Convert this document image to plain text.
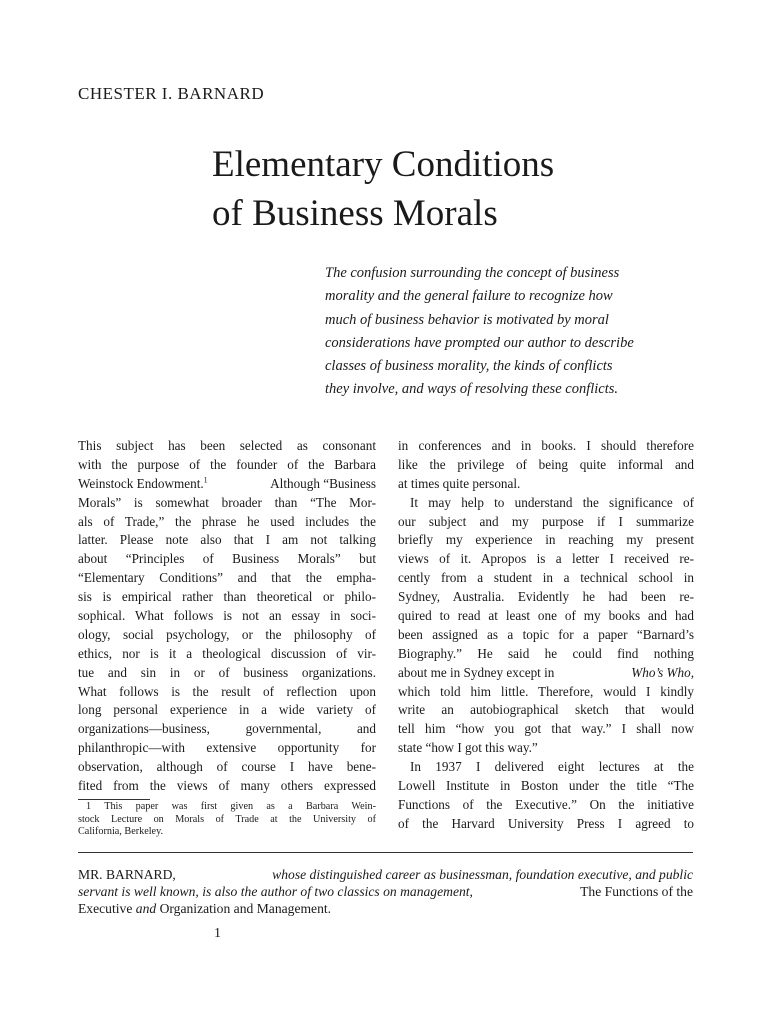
CHESTER I. BARNARD
Elementary Conditions
of Business Morals
The confusion surrounding the concept of business
morality and the general failure to recognize how
much of business behavior is motivated by moral
considerations have prompted our author to describe
classes of business morality, the kinds of conflicts
they involve, and ways of resolving these conflicts.
This subject has been selected as consonant
with the purpose of the founder of the Barbara
Weinstock Endowment.$^1$	Although “Business
Morals” is somewhat broader than “The Mor-
als of Trade,” the phrase he used includes the
latter. Please note also that I am not talking
about “Principles of Business Morals” but
“Elementary Conditions” and that the empha-
sis is empirical rather than theoretical or philo-
sophical. What follows is not an essay in soci-
ology, social psychology, or the philosophy of
ethics, nor is it a theological discussion of vir-
tue and sin in or of business organizations.
What follows is the result of reflection upon
long personal experience in a wide variety of
organizations—business, governmental, and
philanthropic—with extensive opportunity for
observation, although of course I have bene-
fited from the views of many others expressed
1 This paper was first given as a Barbara Wein-
stock Lecture on Morals of Trade at the University of
California, Berkeley.
in conferences and in books. I should therefore
like the privilege of being quite informal and
at times quite personal.
It may help to understand the significance of
our subject and my purpose if I summarize
briefly my experience in reaching my present
views of it. Apropos is a letter I received re-
cently from a student in a technical school in
Sydney, Australia. Evidently he had been re-
quired to read at least one of my books and had
been assigned as a topic for a paper “Barnard’s
Biography.” He said he could find nothing
about me in Sydney except in	Who’s Who,
which told him little. Therefore, would I kindly
write an autobiographical sketch that would
tell him “how you got that way.” I shall now
state “how I got this way.”
In 1937 I delivered eight lectures at the
Lowell Institute in Boston under the title “The
Functions of the Executive.” On the initiative
of the Harvard University Press I agreed to
MR. BARNARD,	whose distinguished career as businessman, foundation executive, and public
servant is well known, is also the author of two classics on management,	The Functions of the
Executive and Organization and Management.
1
